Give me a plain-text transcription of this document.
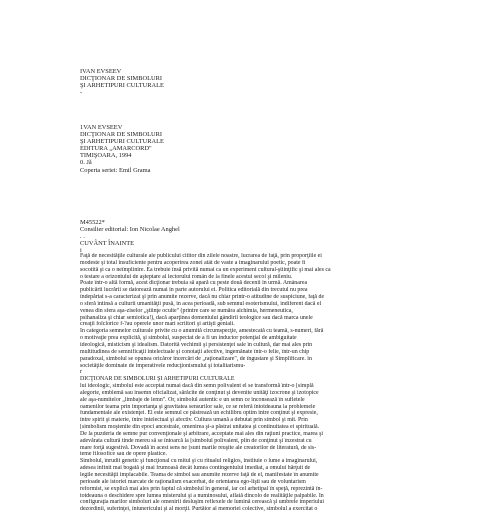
IVAN EVSEEV

DICŢIONAR DE SIMBOLURI

ŞI ARHETIPURI CULTURALE

-

1VAN EVSEEV

DICŢIONAR DE SIMBOLURI

ŞI ARHETIPURI CULTURALE

EDITURA „AMARCORD"

TIMIŞOARA, 1994

0. Jă

Coperta seriei: Emil Grama

M45522*

Consilier editorial: Ion Nicolae Anghel

. .

CUVÂNT ÎNAINTE

i

Faţă de necesităţile culturale ale publicului cititor din zilele noastre, lucrarea de faţă, prin proporţiile ei

modeste şi total insuficiente pentru acoperirea zonei atât de vaste a imaginarului poetic, poate fi

socotită şi ca o neîmplinire. Ea trebuie însă privită numai ca un experiment cultural-ştiinţific şi mai ales ca

o testare a orizontului de aşteptare al lectorului român de la finele acestui secol şi mileniu.

Poate într-o altă formă, acest dicţionar trebuia să apară cu peste două decenii în urmă. Amânarea

publicării lucrării se datorează numai în parte autorului ei. Politica editorială din trecutul nu prea

îndepărtat s-a caracterizat şi prin anumite rezerve, dacă nu chiar printr-o atitudine de suspiciune, faţă de

o sferă întinsă a culturii umanităţii pusă, în acea perioadă, sub semnul esoterismului, indiferent dacă el

venea din sfera aşa-ziselor „ştiinţe oculte" (printre care se număra alchimia, hermeneutica,

psihanaliza şi chiar semiotica!), dacă aparţinea domeniului gândirii teologice sau dacă marca unele

creaţii folclorice f-?au operele unor mari scriitori şi artişti geniali.

În categoria semnelor culturale privite cu o anumită circumspecţie, amestecată cu teamă, s-numeri, fără

o motivaţie prea explicită, şi simbolul, suspectat de a fi un inductor potenţial de ambiguitate

ideologică, misticism şi idealism. Datorită vechimii şi persistenţei sale în cultură, dar mai ales prin

multitudinea de semnificaţii intelectuale şi conotaţii afective, îngemănate într-o felie, într-un chip

paradoxal, simbolul se opunea oricăror încercări de „raţionalizare", de îngustare şi Simplificare. în

societăţile dominate de imperativele reducţionismului şi totalitarismu-

r

DICŢIONAR DE SIMBOLURI ŞI ARHETIPURI CULTURALE

lui ideologic, simbolul este acceptat numai dacă din semn polivalent el se transformă într-o [simplă

alegorie, emblemă sau însemn oficializat, sărăcite de conţinut şi devenite unităţi izocrone şi izotopice

ale aşa-numitelor „limbaje de lemn". Or, simbolul autentic e un semn ce înconsează în sufletele

oamenilor teama prin importanţa şi gravitatea sensurilor sale, ce se referă întotdeauna la problemele

fundamentale ale existenţei. El este semnul ce păstrează un echilibru optim între conţinut şi expresie,

între spirit şi materie, între intelectual şi afectiv. Cultura umană a debutat prin simbol şi mit. Prin

[simbolism moştenite din epoci ancestrale, omenirea şi-a păstrat unitatea şi continuitatea ei spirituală.

De la puzderia de semne pur convenţionale şi arbitrare, acceptate mai ales din raţiuni practice, marea şi

adevărata cultură tinde mereu să se întoarcă la [simbolul polivalent, plin de conţinut şi înzestrat cu

mare forţă sugestivă. Dovadă în acest sens ne [sunt marile reuşite ale creatorilor de literatură, de sis-

teme filosofice sau de opere plastice.

Simbolul, înrudit genetic şi funcţional cu mitul şi cu ritualul religios, instituie o lume a imaginarului,

adesea infinit mai bogată şi mai frumoasă decât lumea contingentului imediat, a omului hărţuit de

legile necesităţii implacabile. Teama de simbol sau anumite rezerve faţă de el, manifestate în anumite

perioade ale istoriei marcate de raţionalism exacerbat, de orientarea ego-lişti sau de voluntarism

reformist, se explică mai ales prin faptul că simbolul în general, iar cel arhetipal în speţă, reprezintă în-

totdeauna o deschidere spre lumea misterului şi a numinosului, aflată dincolo de realităţile palpabile. În

configuraţia marilor simboluri ale omenirii desluşim reflexele de lumină cerească şi umbrele imperiului

dezordinii, suferinţei, întunericului şi al morţii. Purtător al memoriei colective, simbolul a exercitat o
